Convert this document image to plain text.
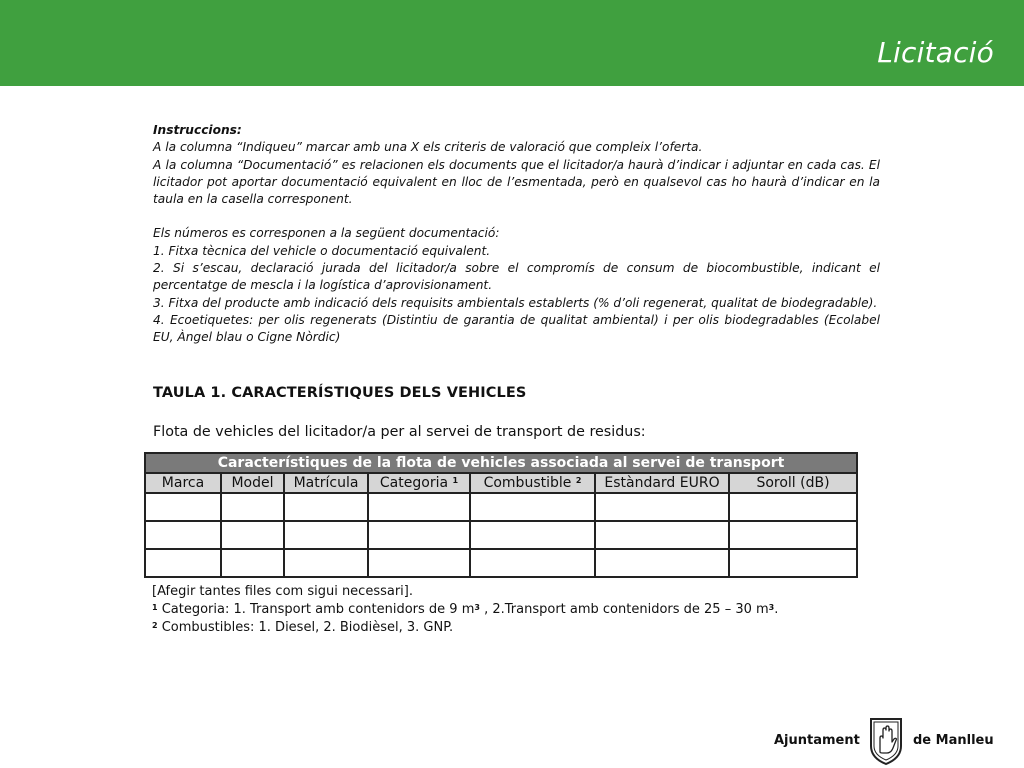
Licitació

Instruccions:

A la columna “Indiqueu” marcar amb una X els criteris de valoració que compleix l’oferta.

A la columna “Documentació” es relacionen els documents que el licitador/a haurà d’indicar i adjuntar en cada cas. El licitador pot aportar documentació equivalent en lloc de l’esmentada, però en qualsevol cas ho haurà d’indicar en la taula en la casella corresponent.

Els números es corresponen a la següent documentació:

1. Fitxa tècnica del vehicle o documentació equivalent.

2. Si s’escau, declaració jurada del licitador/a sobre el compromís de consum de biocombustible, indicant el percentatge de mescla i la logística d’aprovisionament.

3. Fitxa del producte amb indicació dels requisits ambientals establerts (% d’oli regenerat, qualitat de biodegradable).

4. Ecoetiquetes: per olis regenerats (Distintiu de garantia de qualitat ambiental) i per olis biodegradables (Ecolabel EU, Àngel blau o Cigne Nòrdic)

TAULA 1. CARACTERÍSTIQUES DELS VEHICLES
Flota de vehicles del licitador/a per al servei de transport de residus:
Característiques de la flota de vehicles associada al servei de transport						
Marca	Model	Matrícula	Categoria $^1$	Combustible $^2$	Estàndard EURO	Soroll (dB)

[Afegir tantes files com sigui necessari].
$^1$ Categoria: 1. Transport amb contenidors de 9 $m^3$ , 2.Transport amb contenidors de 25 – 30 $m^3$.
$^2$ Combustibles: 1. Diesel, 2. Biodièsel, 3. GNP.
Ajuntament	de Manlleu
